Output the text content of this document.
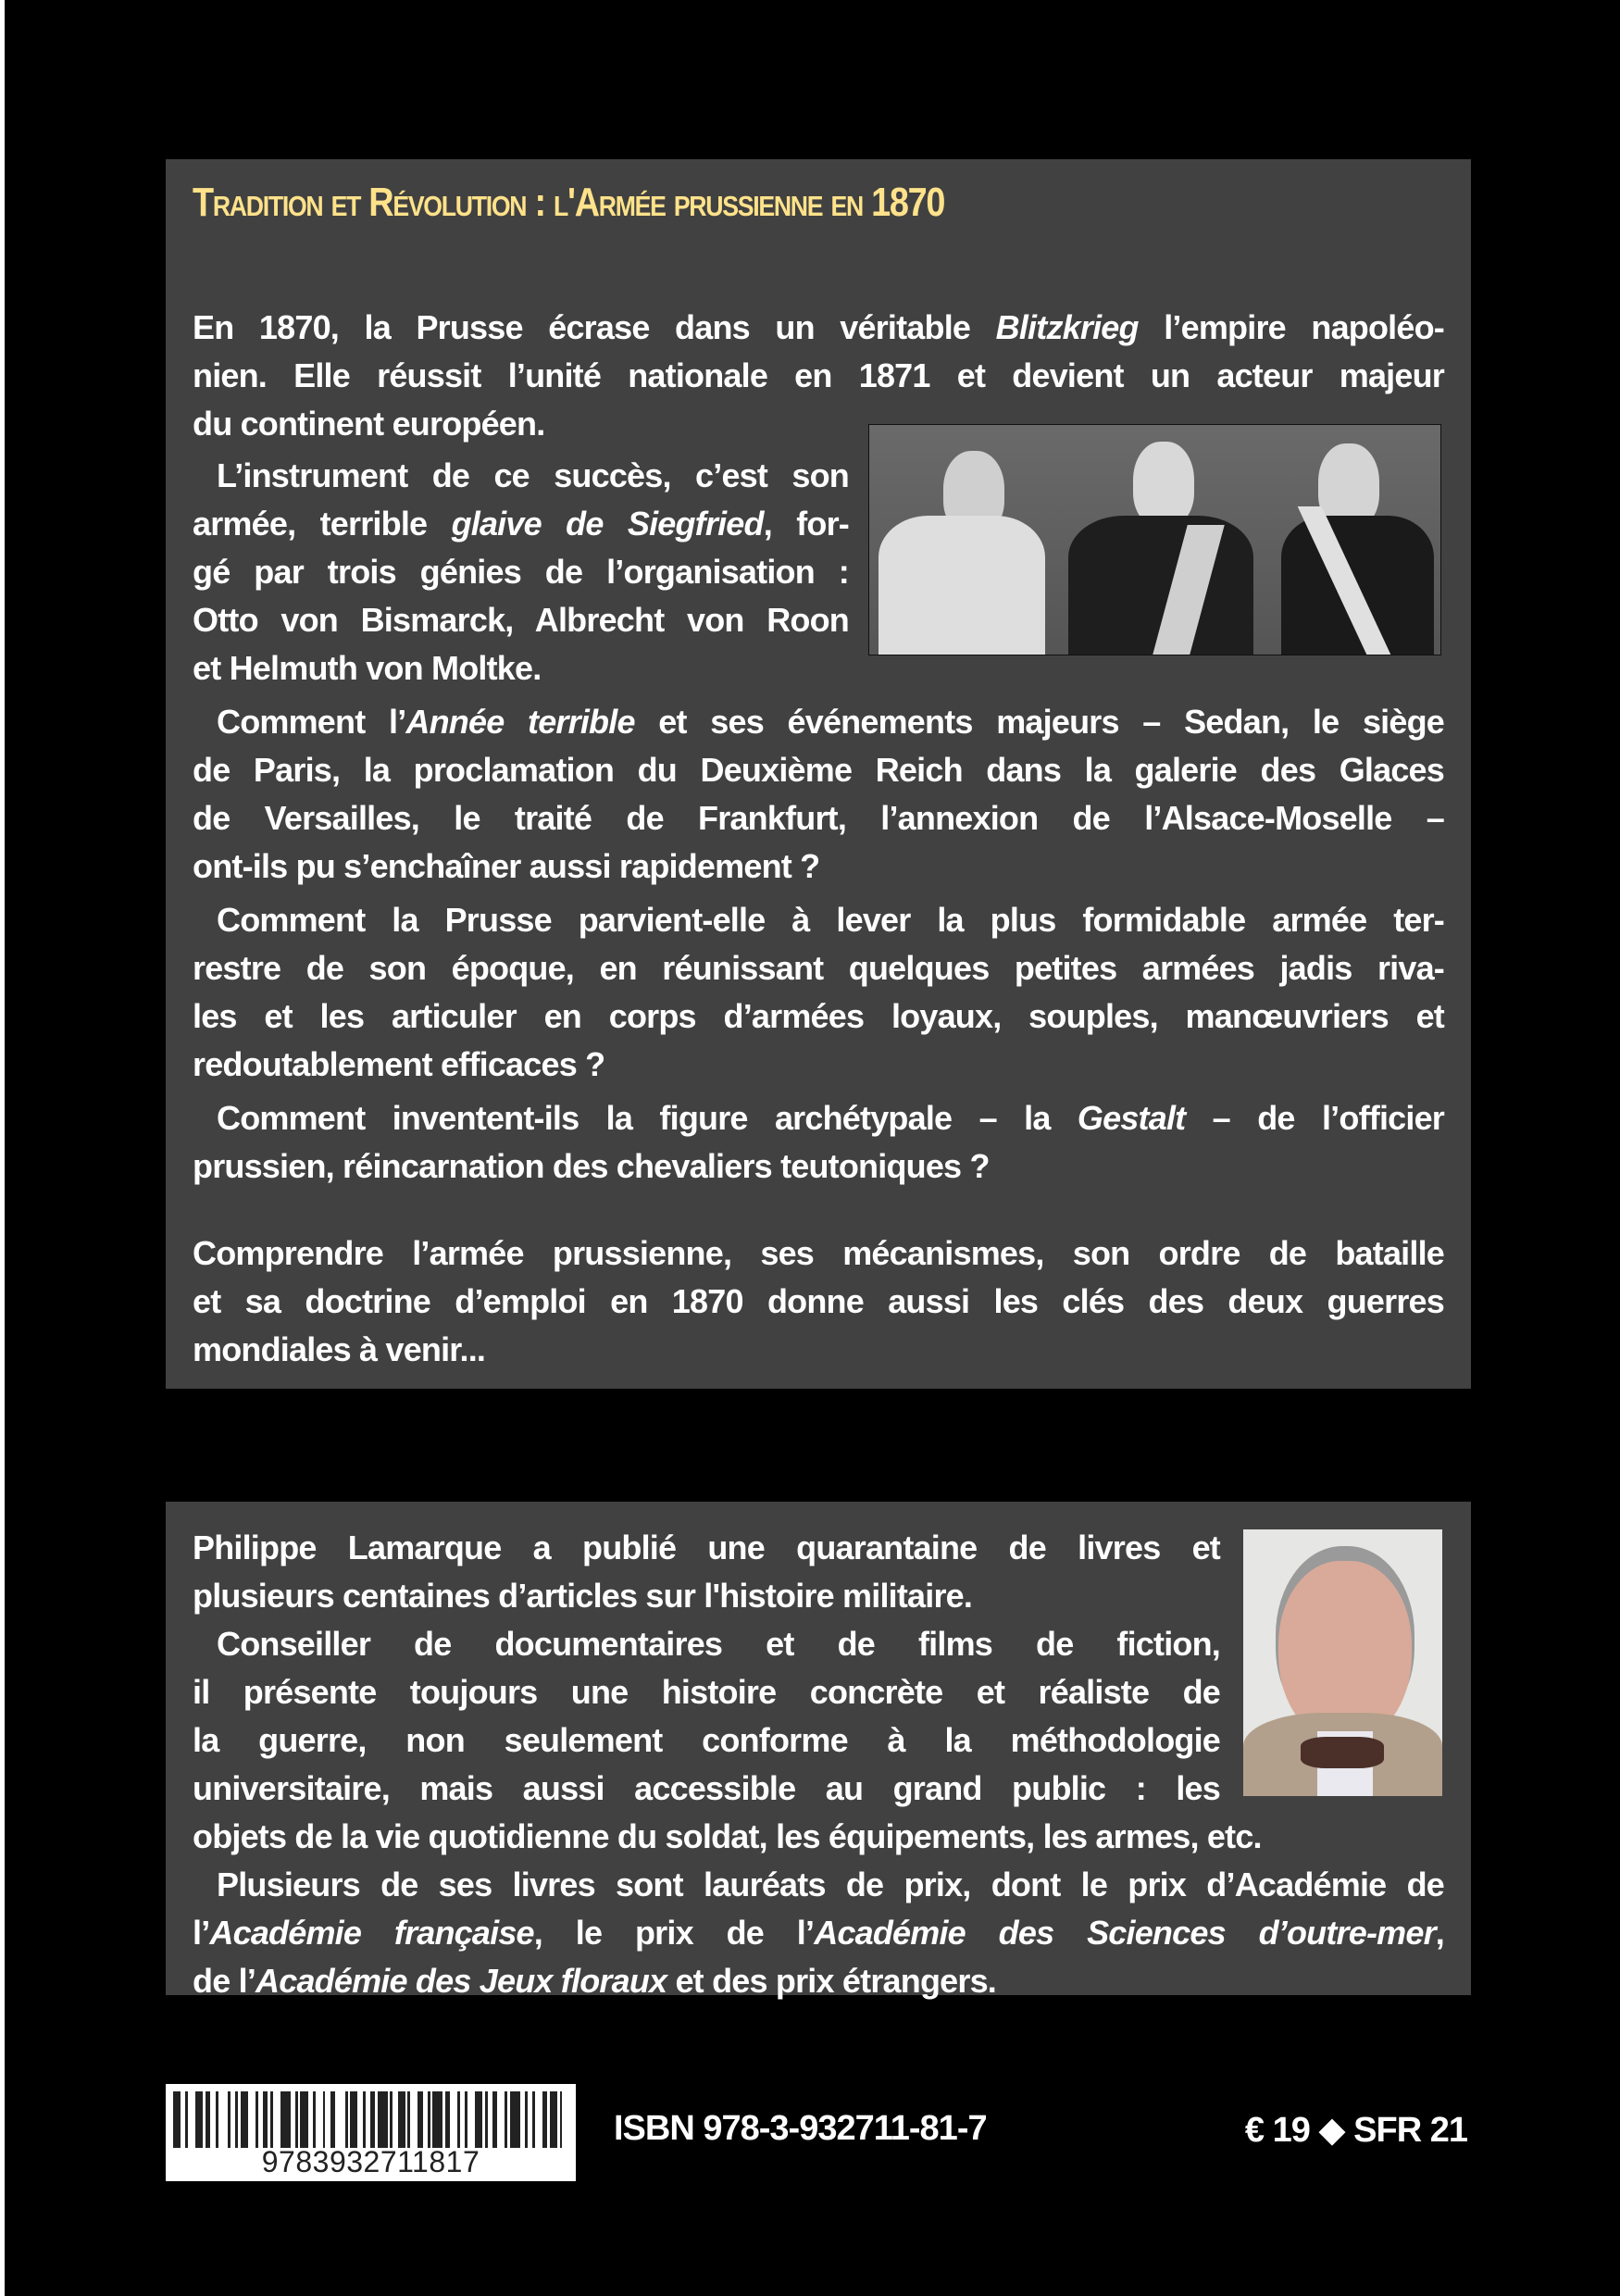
Tradition et Révolution : l'Armée prussienne en 1870
En 1870, la Prusse écrase dans un véritable Blitzkrieg l’empire napoléo-
nien. Elle réussit l’unité nationale en 1871 et devient un acteur majeur
du continent européen.
L’instrument de ce succès, c’est son
armée, terrible glaive de Siegfried, for-
gé par trois génies de l’organisation :
Otto von Bismarck, Albrecht von Roon
et Helmuth von Moltke.
Comment l’Année terrible et ses événements majeurs – Sedan, le siège
de Paris, la proclamation du Deuxième Reich dans la galerie des Glaces
de Versailles, le traité de Frankfurt, l’annexion de l’Alsace-Moselle –
ont-ils pu s’enchaîner aussi rapidement ?
Comment la Prusse parvient-elle à lever la plus formidable armée ter-
restre de son époque, en réunissant quelques petites armées jadis riva-
les et les articuler en corps d’armées loyaux, souples, manœuvriers et
redoutablement efficaces ?
Comment inventent-ils la figure archétypale – la Gestalt – de l’officier
prussien, réincarnation des chevaliers teutoniques ?
Comprendre l’armée prussienne, ses mécanismes, son ordre de bataille
et sa doctrine d’emploi en 1870 donne aussi les clés des deux guerres
mondiales à venir...
Philippe Lamarque a publié une quarantaine de livres et
plusieurs centaines d’articles sur l'histoire militaire.
Conseiller de documentaires et de films de fiction,
il présente toujours une histoire concrète et réaliste de
la guerre, non seulement conforme à la méthodologie
universitaire, mais aussi accessible au grand public : les
objets de la vie quotidienne du soldat, les équipements, les armes, etc.
Plusieurs de ses livres sont lauréats de prix, dont le prix d’Académie de
l’Académie française, le prix de l’Académie des Sciences d’outre-mer,
de l’Académie des Jeux floraux et des prix étrangers.
9783932711817
ISBN 978-3-932711-81-7	€ 19 ◆ SFR 21
